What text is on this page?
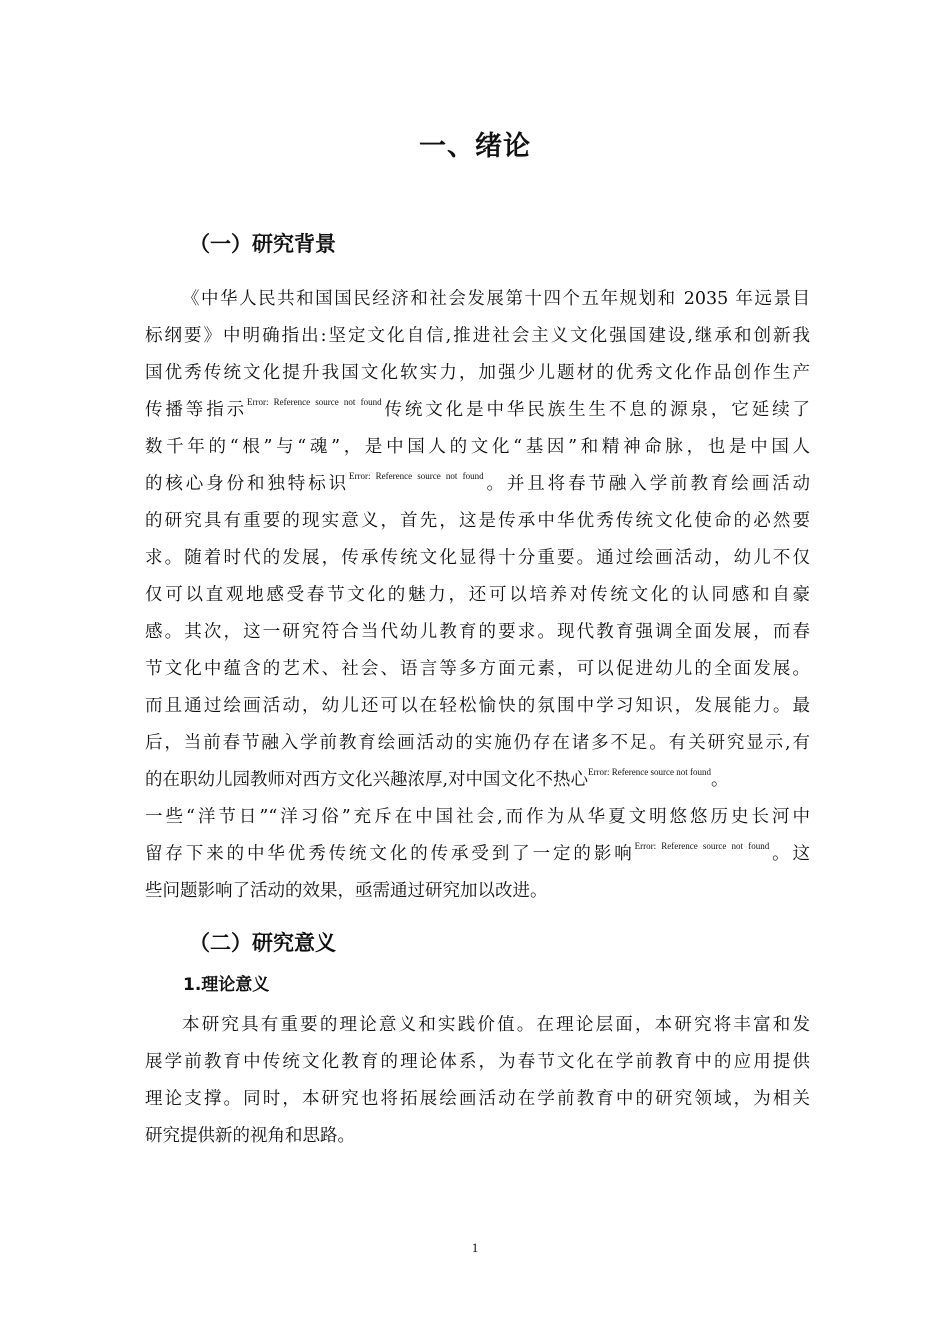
一、绪论
（一）研究背景
《中华人民共和国国民经济和社会发展第十四个五年规划和 2035 年远景目
标纲要》中明确指出:坚定文化自信,推进社会主义文化强国建设,继承和创新我
国优秀传统文化提升我国文化软实力，加强少儿题材的优秀文化作品创作生产
传播等指示$^{Error: Reference source not found}$传统文化是中华民族生生不息的源泉，它延续了
数千年的“根”与“魂”，是中国人的文化“基因”和精神命脉，也是中国人
的核心身份和独特标识$^{Error: Reference source not found}$。并且将春节融入学前教育绘画活动
的研究具有重要的现实意义，首先，这是传承中华优秀传统文化使命的必然要
求。随着时代的发展，传承传统文化显得十分重要。通过绘画活动，幼儿不仅
仅可以直观地感受春节文化的魅力，还可以培养对传统文化的认同感和自豪
感。其次，这一研究符合当代幼儿教育的要求。现代教育强调全面发展，而春
节文化中蕴含的艺术、社会、语言等多方面元素，可以促进幼儿的全面发展。
而且通过绘画活动，幼儿还可以在轻松愉快的氛围中学习知识，发展能力。最
后，当前春节融入学前教育绘画活动的实施仍存在诸多不足。有关研究显示,有
的在职幼儿园教师对西方文化兴趣浓厚,对中国文化不热心$^{Error: Reference source not found}$。
一些“洋节日”“洋习俗”充斥在中国社会,而作为从华夏文明悠悠历史长河中
留存下来的中华优秀传统文化的传承受到了一定的影响$^{Error: Reference source not found}$。这
些问题影响了活动的效果，亟需通过研究加以改进。
（二）研究意义
1.理论意义
本研究具有重要的理论意义和实践价值。在理论层面，本研究将丰富和发
展学前教育中传统文化教育的理论体系，为春节文化在学前教育中的应用提供
理论支撑。同时，本研究也将拓展绘画活动在学前教育中的研究领域，为相关
研究提供新的视角和思路。
1
